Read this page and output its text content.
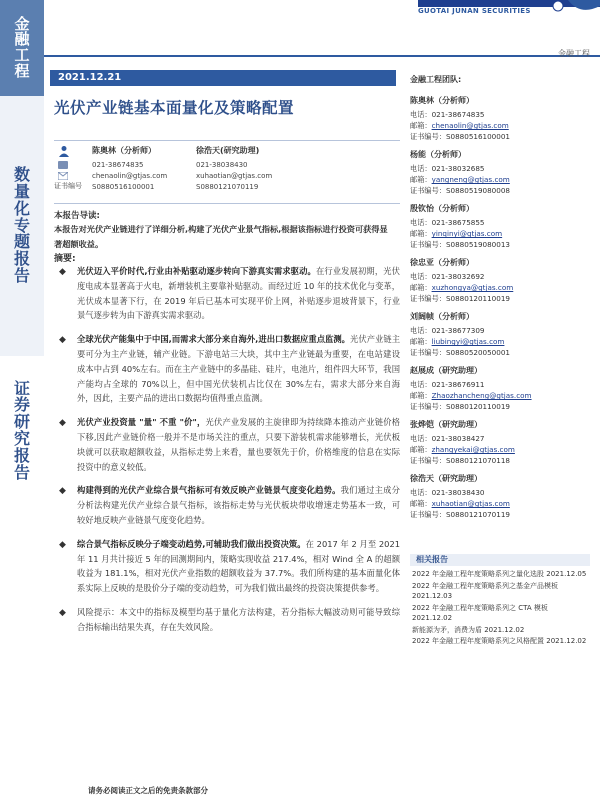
金
融
工
程
数
量
化
专
题
报
告
证
券
研
究
报
告
GUOTAI JUNAN SECURITIES
金融工程
2021.12.21
光伏产业链基本面量化及策略配置
证书编号
陈奥林（分析师）
021-38674835
chenaolin@gtjas.com
S0880516100001
徐浩天(研究助理)
021-38038430
xuhaotian@gtjas.com
S0880121070119
本报告导读:
本报告对光伏产业链进行了详细分析,构建了光伏产业景气指标,根据该指标进行投资可获得显著超额收益。
摘要:
◆ 光伏迈入平价时代,行业由补贴驱动逐步转向下游真实需求驱动。在行业发展初期，光伏度电成本显著高于火电，新增装机主要靠补贴驱动。而经过近 10 年的技术优化与变革，光伏成本显著下行，在 2019 年后已基本可实现平价上网，补贴逐步退坡背景下，行业景气逐步转为由下游真实需求驱动。
◆ 全球光伏产能集中于中国,而需求大部分来自海外,进出口数据应重点监测。光伏产业链主要可分为主产业链，辅产业链。下游电站三大块，其中主产业链最为重要，在电站建设成本中占到 40%左右。而在主产业链中的多晶硅、硅片，电池片，组件四大环节，我国产能均占全球的 70%以上，但中国光伏装机占比仅在 30%左右，需求大部分来自海外，因此，主要产品的进出口数据均值得重点监测。
◆ 光伏产业投资量 "量" 不重 "价"，光伏产业发展的主旋律即为持续降本推动产业链价格下移,因此产业链价格一般并不是市场关注的重点，只要下游装机需求能够增长，光伏板块就可以获取超额收益，从指标走势上来看，量也要领先于价，价格维度的信息在实际投资中的意义较低。
◆ 构建得到的光伏产业综合景气指标可有效反映产业链景气度变化趋势。我们通过主成分分析法构建光伏产业综合景气指标，该指标走势与光伏板块带收增速走势基本一致，可较好地反映产业链景气度变化趋势。
◆ 综合景气指标反映分子端变动趋势,可辅助我们做出投资决策。在 2017 年 2 月至 2021 年 11 月共计接近 5 年的回测期间内，策略实现收益 217.4%，相对 Wind 全 A 的超额收益为 181.1%，相对光伏产业指数的超额收益为 37.7%。我们所构建的基本面量化体系实际上反映的是股价分子端的变动趋势，可为我们做出最终的投资决策提供参考。
◆ 风险提示：本文中的指标及模型均基于量化方法构建，若分指标大幅波动则可能导致综合指标输出结果失真，存在失效风险。
金融工程团队:
陈奥林（分析师）
电话：021-38674835
邮箱：chenaolin@gtjas.com
证书编号：S0880516100001
杨能（分析师）
电话：021-38032685
邮箱：yangneng@gtjas.com
证书编号：S0880519080008
殷钦怡（分析师）
电话：021-38675855
邮箱：yinqinyi@gtjas.com
证书编号：S0880519080013
徐忠亚（分析师）
电话：021-38032692
邮箱：xuzhongya@gtjas.com
证书编号：S0880120110019
刘阔帧（分析师）
电话：021-38677309
邮箱：liubingyi@gtjas.com
证书编号：S0880520050001
赵展成（研究助理）
电话：021-38676911
邮箱：Zhaozhancheng@gtjas.com
证书编号：S0880120110019
张烨铠（研究助理）
电话：021-38038427
邮箱：zhangyekai@gtjas.com
证书编号：S0880121070118
徐浩天（研究助理）
电话：021-38038430
邮箱：xuhaotian@gtjas.com
证书编号：S0880121070119
相关报告
2022 年金融工程年度策略系列之量化选股 2021.12.05
2022 年金融工程年度策略系列之基金产品模板 2021.12.03
2022 年金融工程年度策略系列之 CTA 模板 2021.12.02
新能源为矛，消费为盾 2021.12.02
2022 年金融工程年度策略系列之风格配置 2021.12.02
请务必阅读正文之后的免责条款部分
